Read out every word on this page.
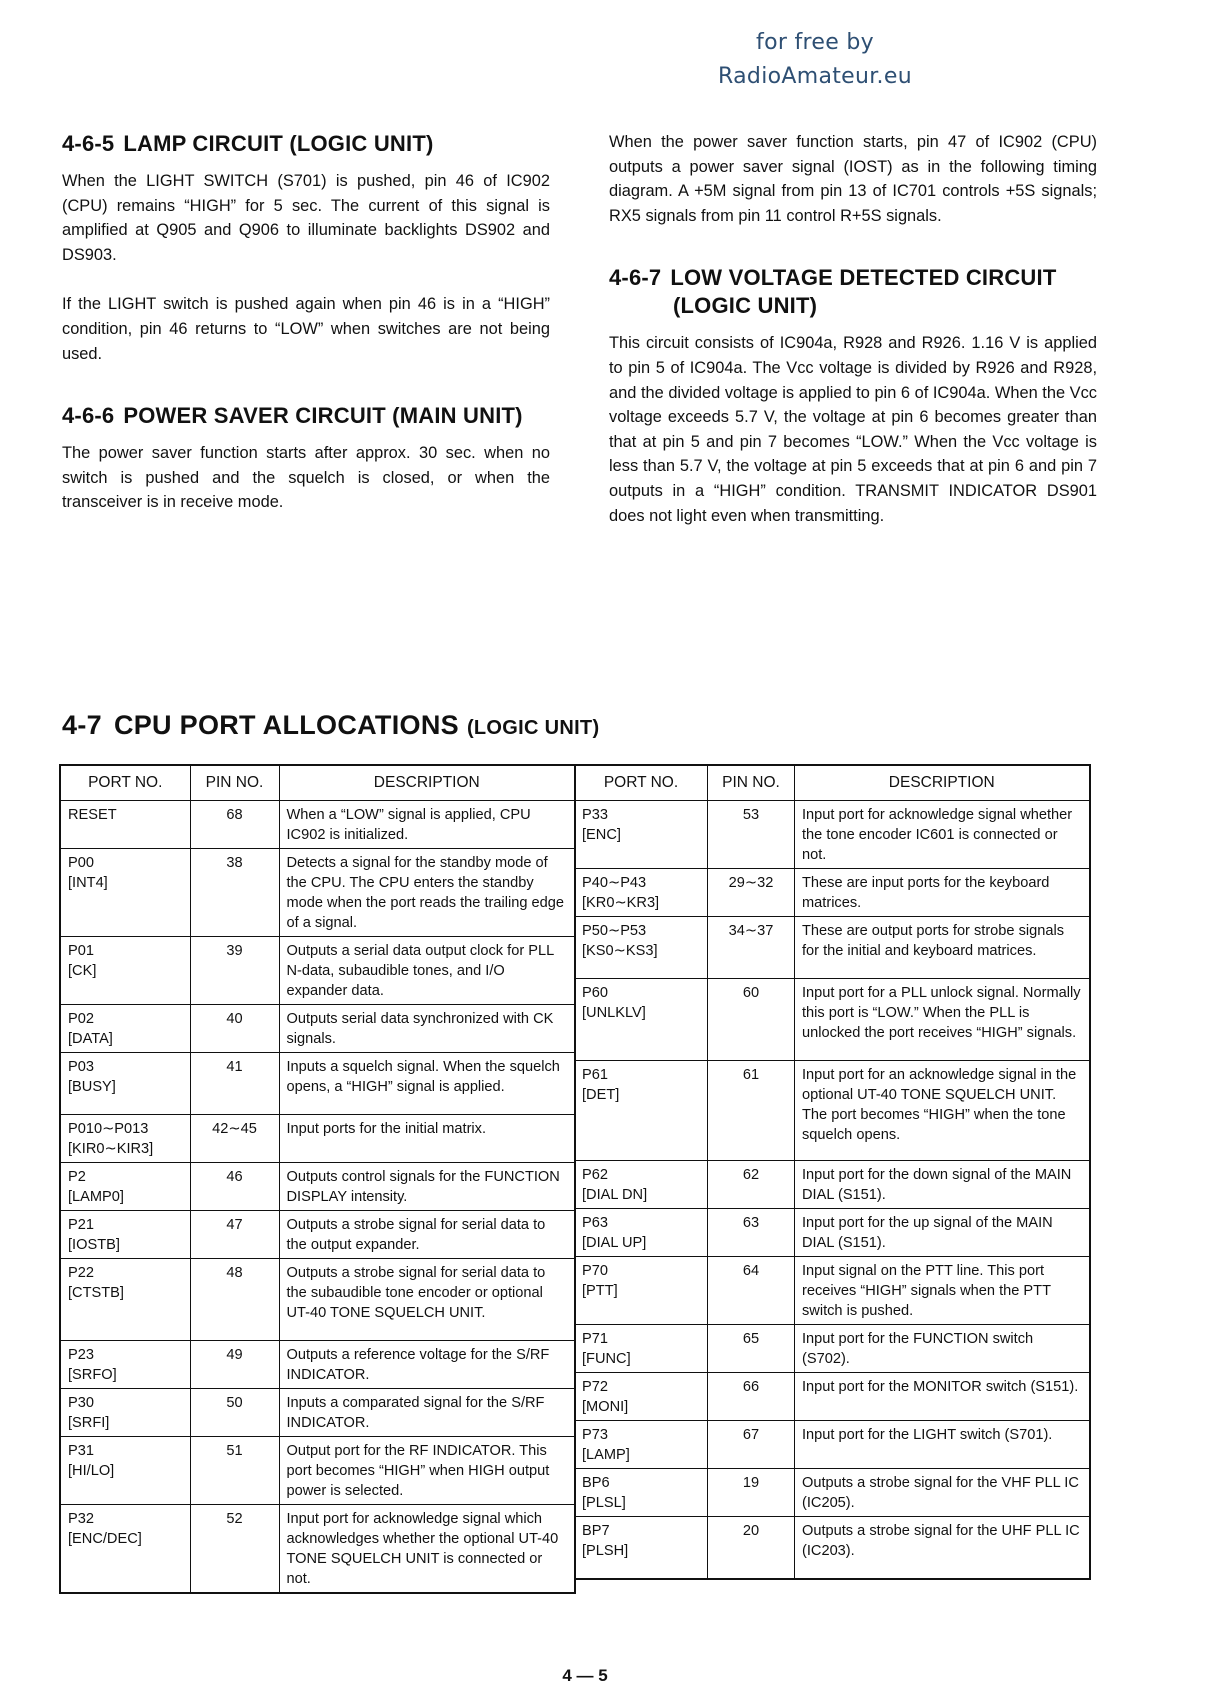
for free by
RadioAmateur.eu
4-6-5 LAMP CIRCUIT (LOGIC UNIT)

When the LIGHT SWITCH (S701) is pushed, pin 46 of IC902 (CPU) remains “HIGH” for 5 sec. The current of this signal is amplified at Q905 and Q906 to illuminate backlights DS902 and DS903.

If the LIGHT switch is pushed again when pin 46 is in a “HIGH” condition, pin 46 returns to “LOW” when switches are not being used.

4-6-6 POWER SAVER CIRCUIT (MAIN UNIT)

The power saver function starts after approx. 30 sec. when no switch is pushed and the squelch is closed, or when the transceiver is in receive mode.

When the power saver function starts, pin 47 of IC902 (CPU) outputs a power saver signal (IOST) as in the following timing diagram. A +5M signal from pin 13 of IC701 controls +5S signals; RX5 signals from pin 11 control R+5S signals.

4-6-7 LOW VOLTAGE DETECTED CIRCUIT
(LOGIC UNIT)

This circuit consists of IC904a, R928 and R926. 1.16 V is applied to pin 5 of IC904a. The Vcc voltage is divided by R926 and R928, and the divided voltage is applied to pin 6 of IC904a. When the Vcc voltage exceeds 5.7 V, the voltage at pin 6 becomes greater than that at pin 5 and pin 7 becomes “LOW.” When the Vcc voltage is less than 5.7 V, the voltage at pin 5 exceeds that at pin 6 and pin 7 outputs in a “HIGH” condition. TRANSMIT INDICATOR DS901 does not light even when transmitting.

4-7 CPU PORT ALLOCATIONS (LOGIC UNIT)
PORT NO.	PIN NO.	DESCRIPTION

RESET	68	When a “LOW” signal is applied, CPU IC902 is initialized.

P00
[INT4]	38	Detects a signal for the standby mode of the CPU. The CPU enters the standby mode when the port reads the trailing edge of a signal.

P01
[CK]	39	Outputs a serial data output clock for PLL N-data, subaudible tones, and I/O expander data.

P02
[DATA]	40	Outputs serial data synchronized with CK signals.

P03
[BUSY]	41	Inputs a squelch signal. When the squelch opens, a “HIGH” signal is applied.

P010∼P013
[KIR0∼KIR3]	42∼45	Input ports for the initial matrix.

P2
[LAMP0]	46	Outputs control signals for the FUNCTION DISPLAY intensity.

P21
[IOSTB]	47	Outputs a strobe signal for serial data to the output expander.

P22
[CTSTB]	48	Outputs a strobe signal for serial data to the subaudible tone encoder or optional UT-40 TONE SQUELCH UNIT.

P23
[SRFO]	49	Outputs a reference voltage for the S/RF INDICATOR.

P30
[SRFI]	50	Inputs a comparated signal for the S/RF INDICATOR.

P31
[HI/LO]	51	Output port for the RF INDICATOR. This port becomes “HIGH” when HIGH output power is selected.

P32
[ENC/DEC]	52	Input port for acknowledge signal which acknowledges whether the optional UT-40 TONE SQUELCH UNIT is connected or not.
PORT NO.	PIN NO.	DESCRIPTION

P33
[ENC]	53	Input port for acknowledge signal whether the tone encoder IC601 is connected or not.

P40∼P43
[KR0∼KR3]	29∼32	These are input ports for the keyboard matrices.

P50∼P53
[KS0∼KS3]	34∼37	These are output ports for strobe signals for the initial and keyboard matrices.

P60
[UNLKLV]	60	Input port for a PLL unlock signal. Normally this port is “LOW.” When the PLL is unlocked the port receives “HIGH” signals.

P61
[DET]	61	Input port for an acknowledge signal in the optional UT-40 TONE SQUELCH UNIT. The port becomes “HIGH” when the tone squelch opens.

P62
[DIAL DN]	62	Input port for the down signal of the MAIN DIAL (S151).

P63
[DIAL UP]	63	Input port for the up signal of the MAIN DIAL (S151).

P70
[PTT]	64	Input signal on the PTT line. This port receives “HIGH” signals when the PTT switch is pushed.

P71
[FUNC]	65	Input port for the FUNCTION switch (S702).

P72
[MONI]	66	Input port for the MONITOR switch (S151).

P73
[LAMP]	67	Input port for the LIGHT switch (S701).

BP6
[PLSL]	19	Outputs a strobe signal for the VHF PLL IC (IC205).

BP7
[PLSH]	20	Outputs a strobe signal for the UHF PLL IC (IC203).
4 — 5
